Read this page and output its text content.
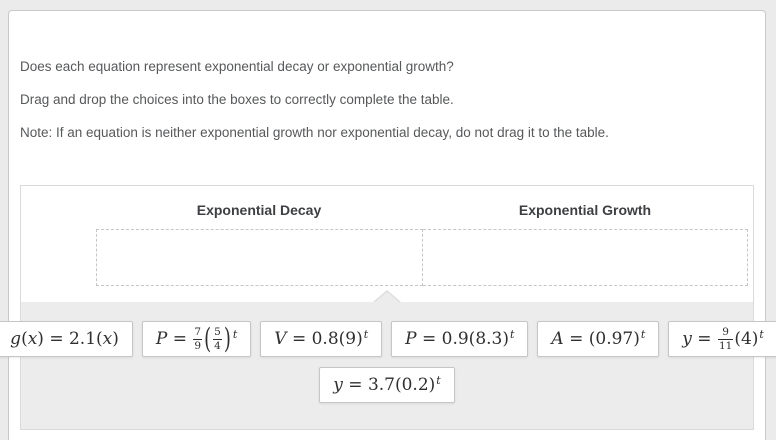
Does each equation represent exponential decay or exponential growth?

Drag and drop the choices into the boxes to correctly complete the table.

Note: If an equation is neither exponential growth nor exponential decay, do not drag it to the table.

Exponential Decay	Exponential Growth
g ( x ) = 2.1( x ) $P = \frac{7}{9}$ ( $\frac{5}{4}$ ) t V = 0.8(9) t P = 0.9(8.3) t A = (0.97) t $y = \frac{9}{11} (4)$ t
y = 3.7(0.2) t
